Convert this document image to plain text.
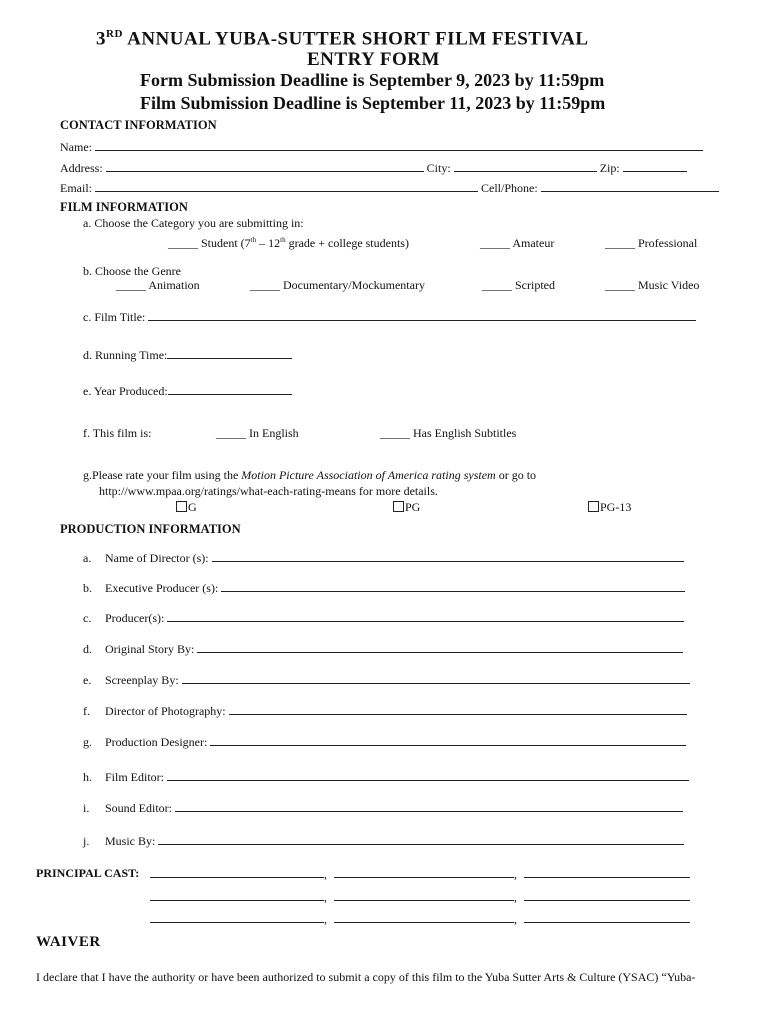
3RD ANNUAL YUBA-SUTTER SHORT FILM FESTIVAL
ENTRY FORM
Form Submission Deadline is September 9, 2023 by 11:59pm
Film Submission Deadline is September 11, 2023 by 11:59pm
CONTACT INFORMATION
Name:
Address:	City:	Zip:
Email:	Cell/Phone:
FILM INFORMATION
a. Choose the Category you are submitting in:
_____ Student (7th – 12th grade + college students)	_____ Amateur	_____ Professional
b. Choose the Genre
_____ Animation	_____ Documentary/Mockumentary	_____ Scripted	_____ Music Video
c. Film Title:
d. Running Time:
e. Year Produced:
f. This film is:	_____ In English	_____ Has English Subtitles
g.Please rate your film using the Motion Picture Association of America rating system or go to
http://www.mpaa.org/ratings/what-each-rating-means for more details.
G	PG	PG-13
PRODUCTION INFORMATION
a. Name of Director (s):
b. Executive Producer (s):
c. Producer(s):
d. Original Story By:
e. Screenplay By:
f. Director of Photography:
g. Production Designer:
h. Film Editor:
i. Sound Editor:
j. Music By:
PRINCIPAL CAST:	,	,
,	,
,	,
WAIVER
I declare that I have the authority or have been authorized to submit a copy of this film to the Yuba Sutter Arts & Culture (YSAC) “Yuba-
